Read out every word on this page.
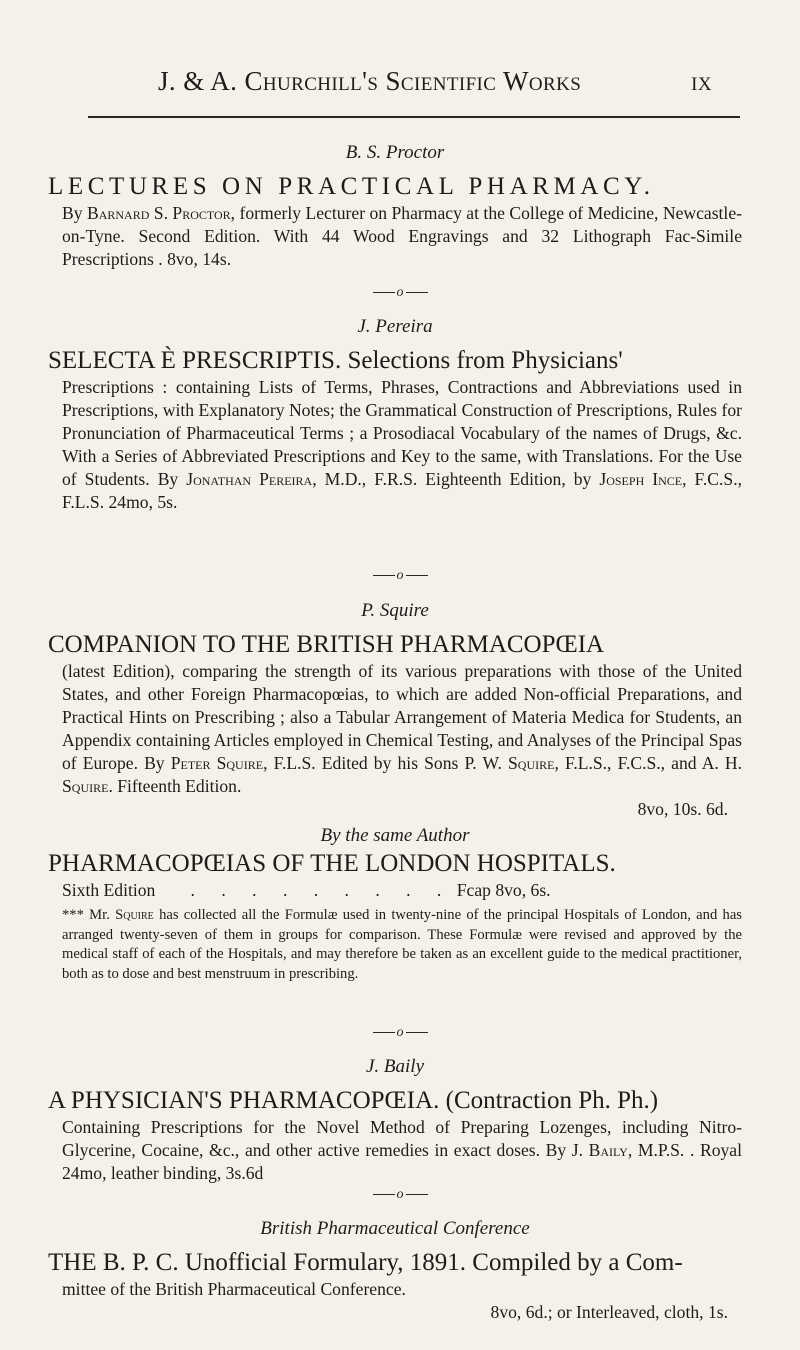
J. & A. Churchill's Scientific Works	ix
B. S. Proctor
LECTURES ON PRACTICAL PHARMACY.
By Barnard S. Proctor, formerly Lecturer on Pharmacy at the College of Medicine, Newcastle-on-Tyne. Second Edition. With 44 Wood Engravings and 32 Lithograph Fac-Simile Prescriptions . 8vo, 14s.
o
J. Pereira
SELECTA È PRESCRIPTIS. Selections from Physicians'
Prescriptions : containing Lists of Terms, Phrases, Contractions and Abbreviations used in Prescriptions, with Explanatory Notes; the Grammatical Construction of Prescriptions, Rules for Pronunciation of Pharmaceutical Terms ; a Prosodiacal Vocabulary of the names of Drugs, &c. With a Series of Abbreviated Prescriptions and Key to the same, with Translations. For the Use of Students. By Jonathan Pereira, M.D., F.R.S. Eighteenth Edition, by Joseph Ince, F.C.S., F.L.S. 24mo, 5s.
o
P. Squire
COMPANION TO THE BRITISH PHARMACOPŒIA
(latest Edition), comparing the strength of its various preparations with those of the United States, and other Foreign Pharmacopœias, to which are added Non-official Preparations, and Practical Hints on Prescribing ; also a Tabular Arrangement of Materia Medica for Students, an Appendix containing Articles employed in Chemical Testing, and Analyses of the Principal Spas of Europe. By Peter Squire, F.L.S. Edited by his Sons P. W. Squire, F.L.S., F.C.S., and A. H. Squire. Fifteenth Edition.
8vo, 10s. 6d.
By the same Author
PHARMACOPŒIAS OF THE LONDON HOSPITALS.
Sixth Edition . . . . . . . . . Fcap 8vo, 6s.
*** Mr. Squire has collected all the Formulæ used in twenty-nine of the principal Hospitals of London, and has arranged twenty-seven of them in groups for comparison. These Formulæ were revised and approved by the medical staff of each of the Hospitals, and may therefore be taken as an excellent guide to the medical practitioner, both as to dose and best menstruum in prescribing.
o
J. Baily
A PHYSICIAN'S PHARMACOPŒIA. (Contraction Ph. Ph.)
Containing Prescriptions for the Novel Method of Preparing Lozenges, including Nitro-Glycerine, Cocaine, &c., and other active remedies in exact doses. By J. Baily, M.P.S. . Royal 24mo, leather binding, 3s.6d
o
British Pharmaceutical Conference
THE B. P. C. Unofficial Formulary, 1891. Compiled by a Com-
mittee of the British Pharmaceutical Conference.
8vo, 6d.; or Interleaved, cloth, 1s.
